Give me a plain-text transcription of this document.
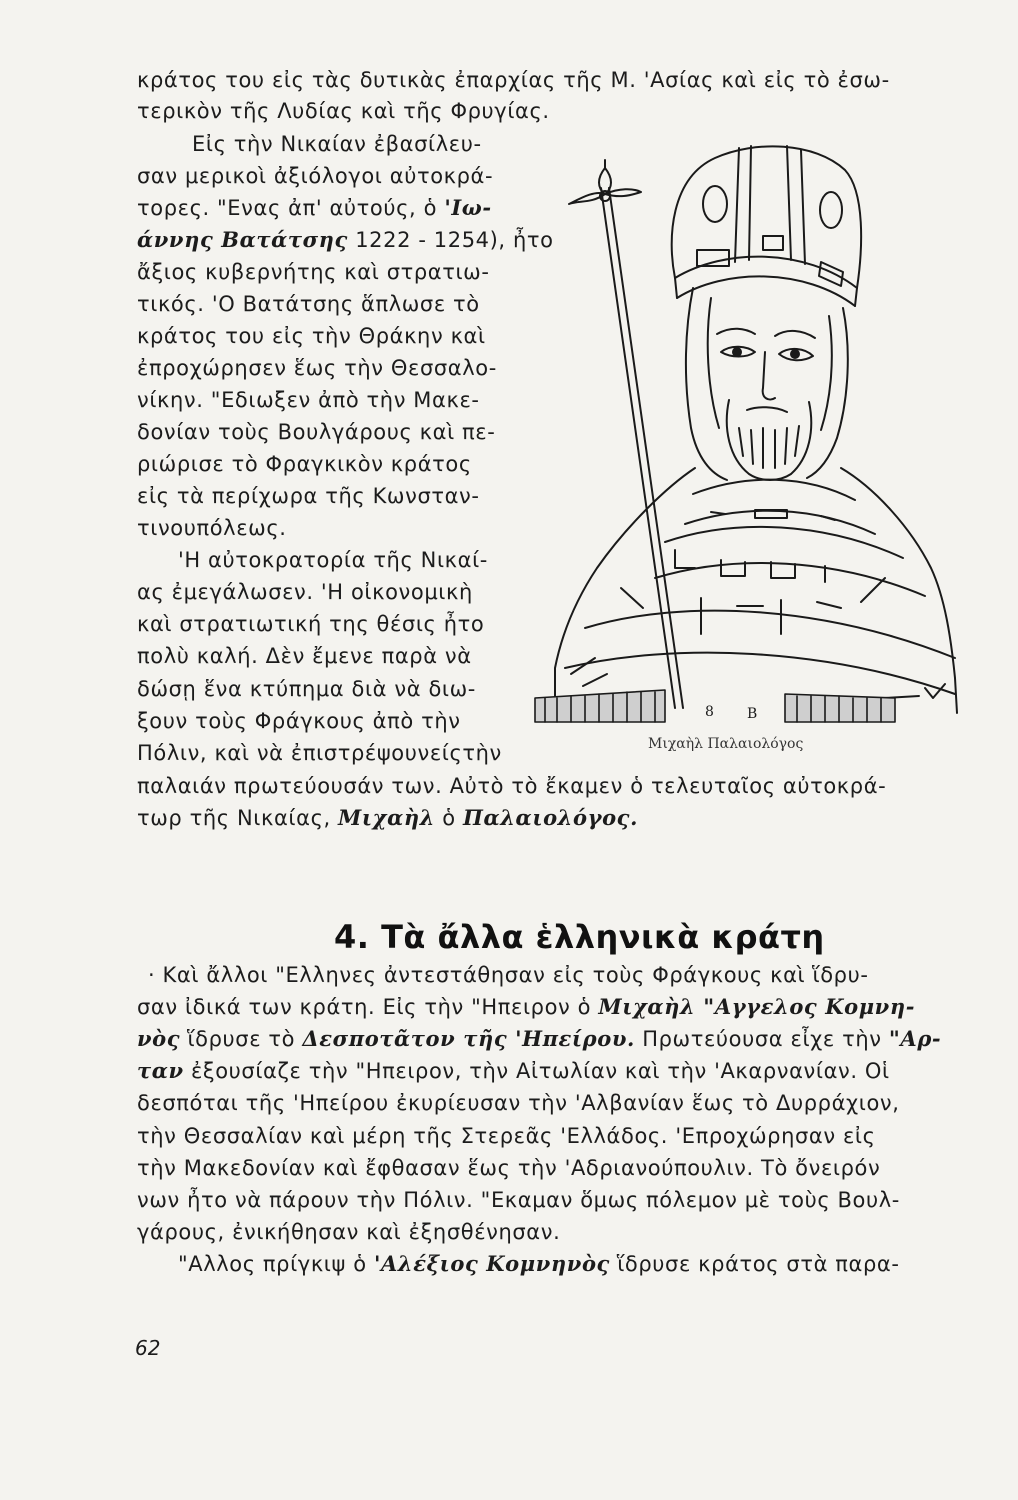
κράτος του εἰς τὰς δυτικὰς ἐπαρχίας τῆς Μ. 'Ασίας καὶ εἰς τὸ ἐσω-
τερικὸν τῆς Λυδίας καὶ τῆς Φρυγίας.
Εἰς τὴν Νικαίαν ἐβασίλευ-
σαν μερικοὶ ἀξιόλογοι αὐτοκρά-
τορες. "Ενας ἀπ' αὐτούς, ὁ 'Ιω-
άννης Βατάτσης 1222 - 1254), ἦτο
ἄξιος κυβερνήτης καὶ στρατιω-
τικός. 'Ο Βατάτσης ἅπλωσε τὸ
κράτος του εἰς τὴν Θράκην καὶ
ἐπροχώρησεν ἕως τὴν Θεσσαλο-
νίκην. "Εδιωξεν ἀπὸ τὴν Μακε-
δονίαν τοὺς Βουλγάρους καὶ πε-
ριώρισε τὸ Φραγκικὸν κράτος
εἰς τὰ περίχωρα τῆς Κωνσταν-
τινουπόλεως.
'Η αὐτοκρατορία τῆς Νικαί-
ας ἐμεγάλωσεν. 'Η οἰκονομικὴ
καὶ στρατιωτική της θέσις ἦτο
πολὺ καλή. Δὲν ἔμενε παρὰ νὰ
δώσῃ ἕνα κτύπημα διὰ νὰ διω-
ξουν τοὺς Φράγκους ἀπὸ τὴν
Πόλιν, καὶ νὰ ἐπιστρέψουνείςτὴν
παλαιάν πρωτεύουσάν των. Αὐτὸ τὸ ἔκαμεν ὁ τελευταῖος αὐτοκρά-
τωρ τῆς Νικαίας, Μιχαὴλ ὁ Παλαιολόγος.
· Καὶ ἄλλοι "Ελληνες ἀντεστάθησαν εἰς τοὺς Φράγκους καὶ ἵδρυ-
σαν ἰδικά των κράτη. Εἰς τὴν "Ηπειρον ὁ Μιχαὴλ "Αγγελος Κομνη-
νὸς ἵδρυσε τὸ Δεσποτᾶτον τῆς 'Ηπείρου. Πρωτεύουσα εἶχε τὴν "Αρ-
ταν ἐξουσίαζε τὴν "Ηπειρον, τὴν Αἰτωλίαν καὶ τὴν 'Ακαρνανίαν. Οἱ
δεσπόται τῆς 'Ηπείρου ἐκυρίευσαν τὴν 'Αλβανίαν ἕως τὸ Δυρράχιον,
τὴν Θεσσαλίαν καὶ μέρη τῆς Στερεᾶς 'Ελλάδος. 'Επροχώρησαν εἰς
τὴν Μακεδονίαν καὶ ἔφθασαν ἕως τὴν 'Αδριανούπουλιν. Τὸ ὄνειρόν
νων ἦτο νὰ πάρουν τὴν Πόλιν. "Εκαμαν ὅμως πόλεμον μὲ τοὺς Βουλ-
γάρους, ἐνικήθησαν καὶ ἐξησθένησαν.
"Αλλος πρίγκιψ ὁ 'Αλέξιος Κομνηνὸς ἵδρυσε κράτος στὰ παρα-
8 B
Μιχαὴλ Παλαιολόγος
4. Τὰ ἄλλα ἑλληνικὰ κράτη
62
